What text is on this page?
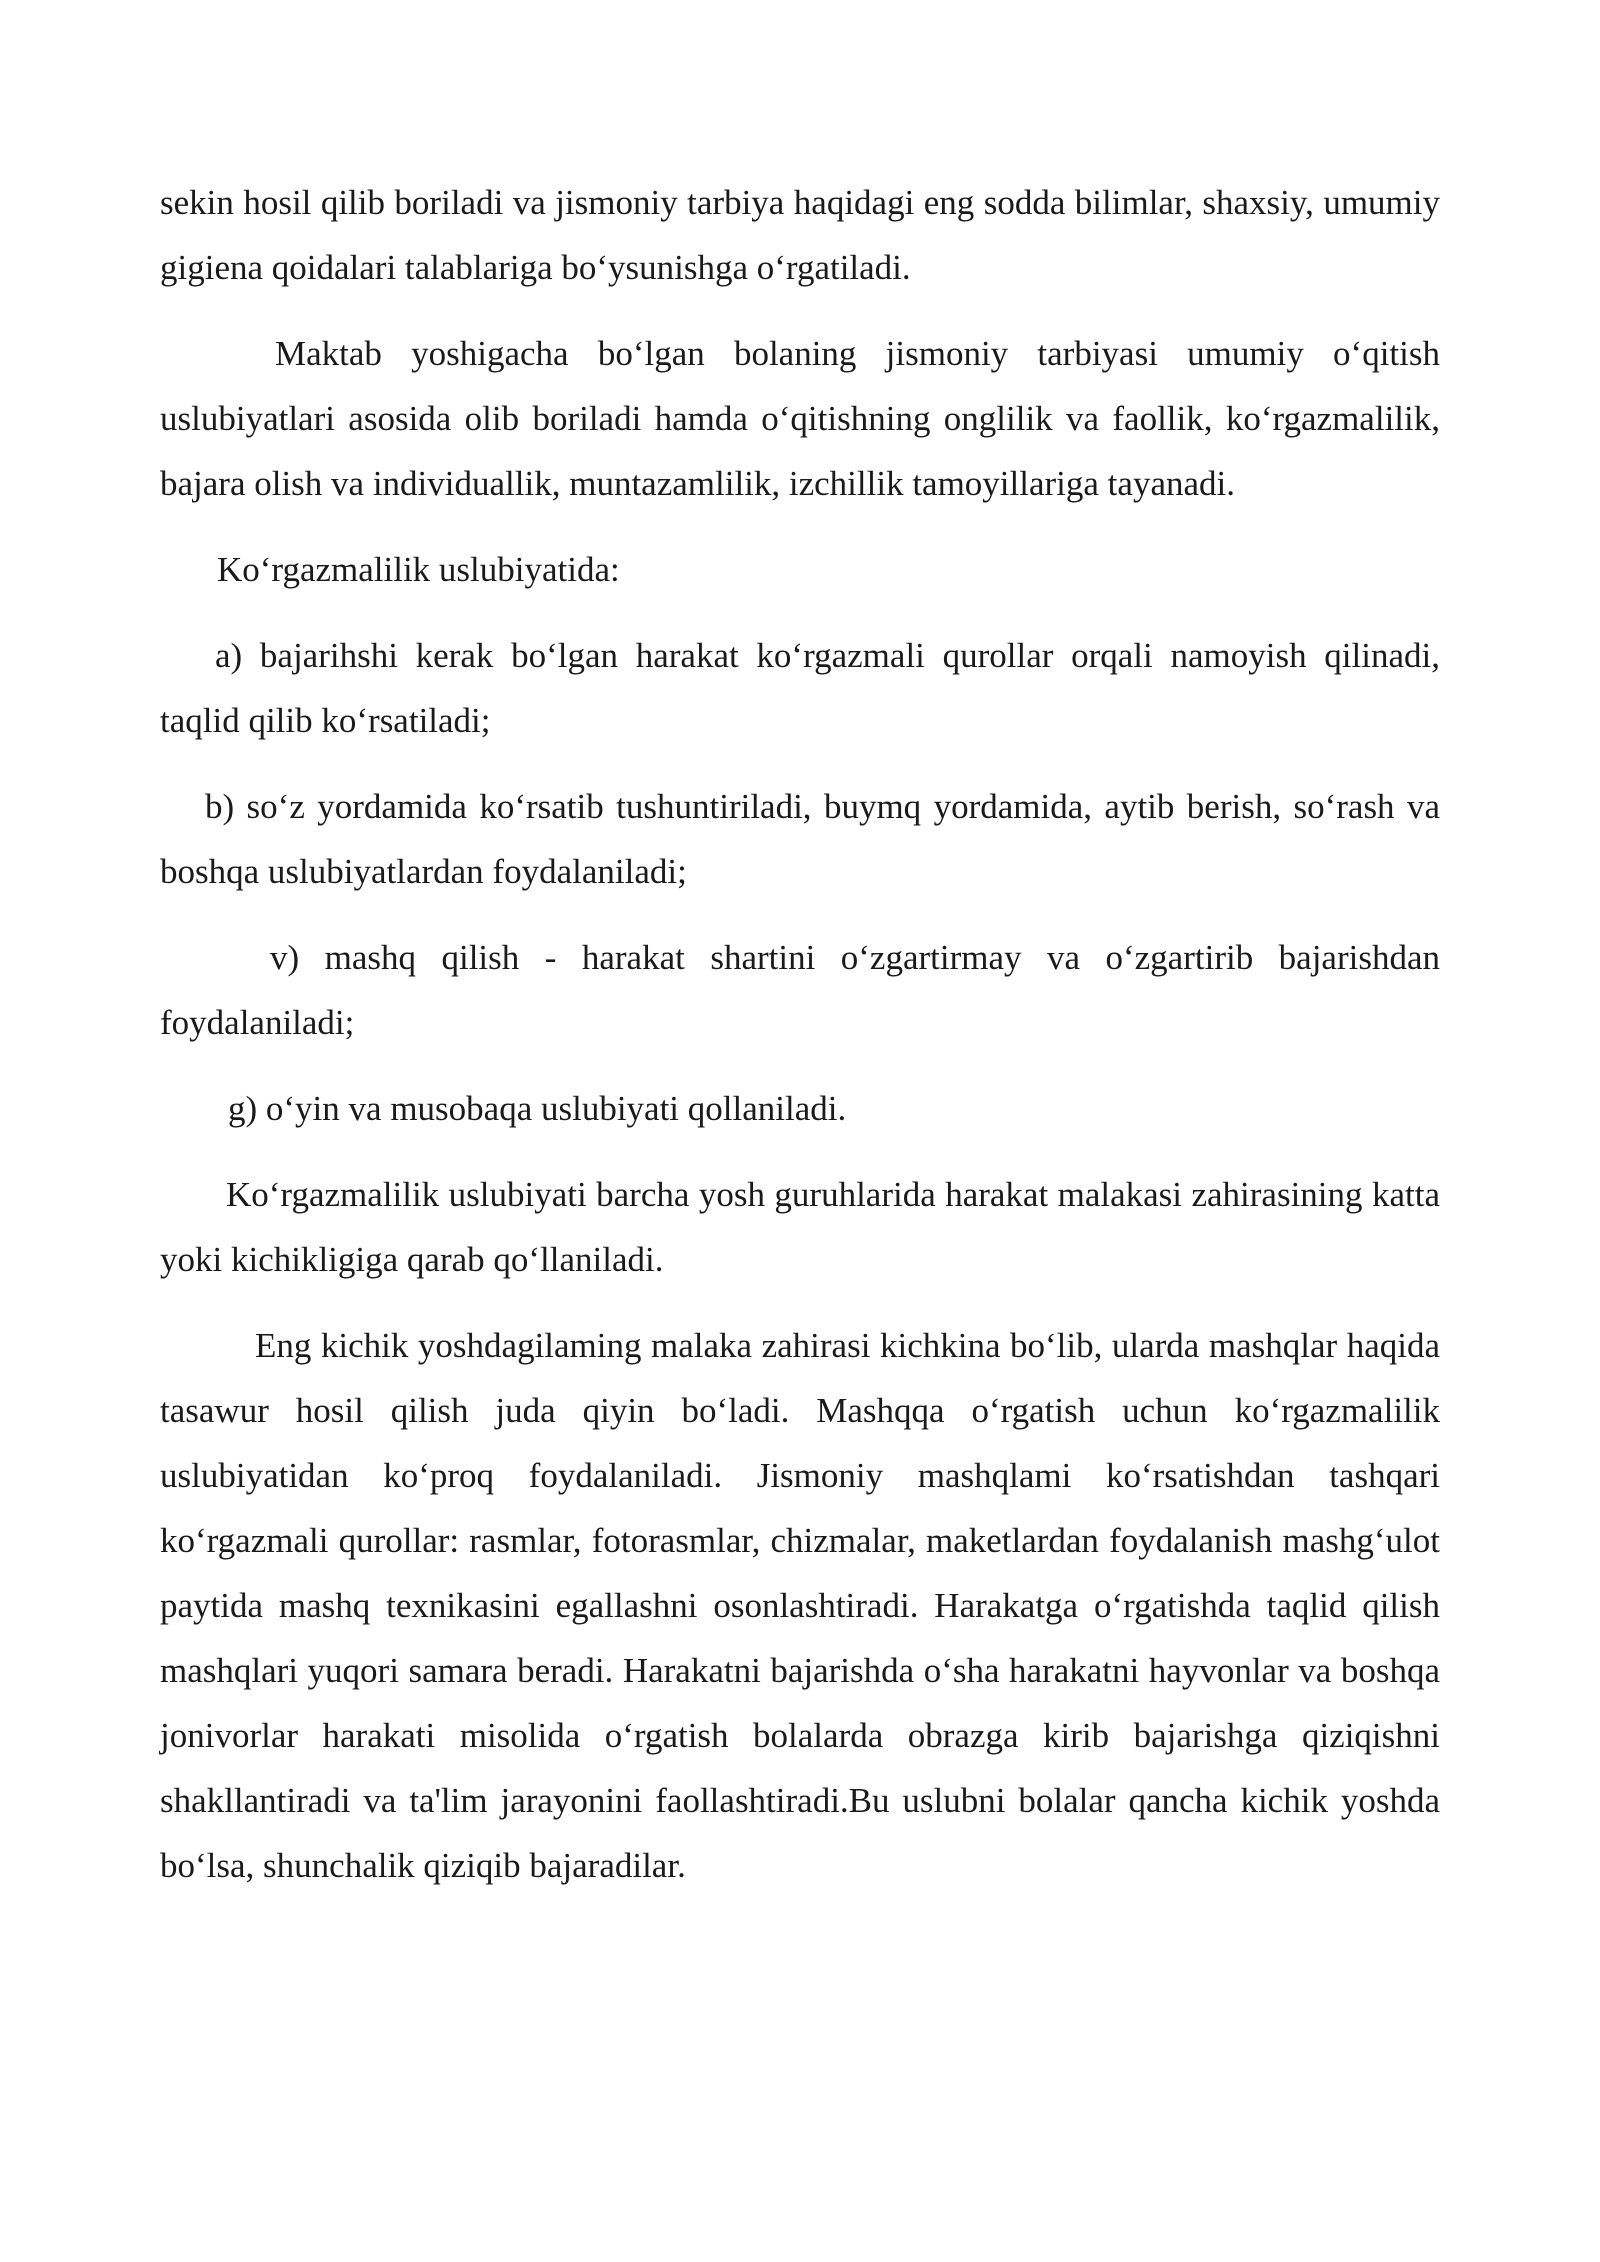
sekin hosil qilib boriladi va jismoniy tarbiya haqidagi eng sodda bilimlar, shaxsiy, umumiy gigiena qoidalari talablariga boʻysunishga oʻrgatiladi.

Maktab yoshigacha boʻlgan bolaning jismoniy tarbiyasi umumiy oʻqitish uslubiyatlari asosida olib boriladi hamda oʻqitishning onglilik va faollik, koʻrgazmalilik, bajara olish va individuallik, muntazamlilik, izchillik tamoyillariga tayanadi.

Koʻrgazmalilik uslubiyatida:

a) bajarihshi kerak boʻlgan harakat koʻrgazmali qurollar orqali namoyish qilinadi, taqlid qilib koʻrsatiladi;

b) soʻz yordamida koʻrsatib tushuntiriladi, buymq yordamida, aytib berish, soʻrash va boshqa uslubiyatlardan foydalaniladi;

v) mashq qilish - harakat shartini oʻzgartirmay va oʻzgartirib bajarishdan foydalaniladi;

g) oʻyin va musobaqa uslubiyati qollaniladi.

Koʻrgazmalilik uslubiyati barcha yosh guruhlarida harakat malakasi zahirasining katta yoki kichikligiga qarab qoʻllaniladi.

Eng kichik yoshdagilaming malaka zahirasi kichkina boʻlib, ularda mashqlar haqida tasawur hosil qilish juda qiyin boʻladi. Mashqqa oʻrgatish uchun koʻrgazmalilik uslubiyatidan koʻproq foydalaniladi. Jismoniy mashqlami koʻrsatishdan tashqari koʻrgazmali qurollar: rasmlar, fotorasmlar, chizmalar, maketlardan foydalanish mashgʻulot paytida mashq texnikasini egallashni osonlashtiradi. Harakatga oʻrgatishda taqlid qilish mashqlari yuqori samara beradi. Harakatni bajarishda oʻsha harakatni hayvonlar va boshqa jonivorlar harakati misolida oʻrgatish bolalarda obrazga kirib bajarishga qiziqishni shakllantiradi va ta'lim jarayonini faollashtiradi.Bu uslubni bolalar qancha kichik yoshda boʻlsa, shunchalik qiziqib bajaradilar.
